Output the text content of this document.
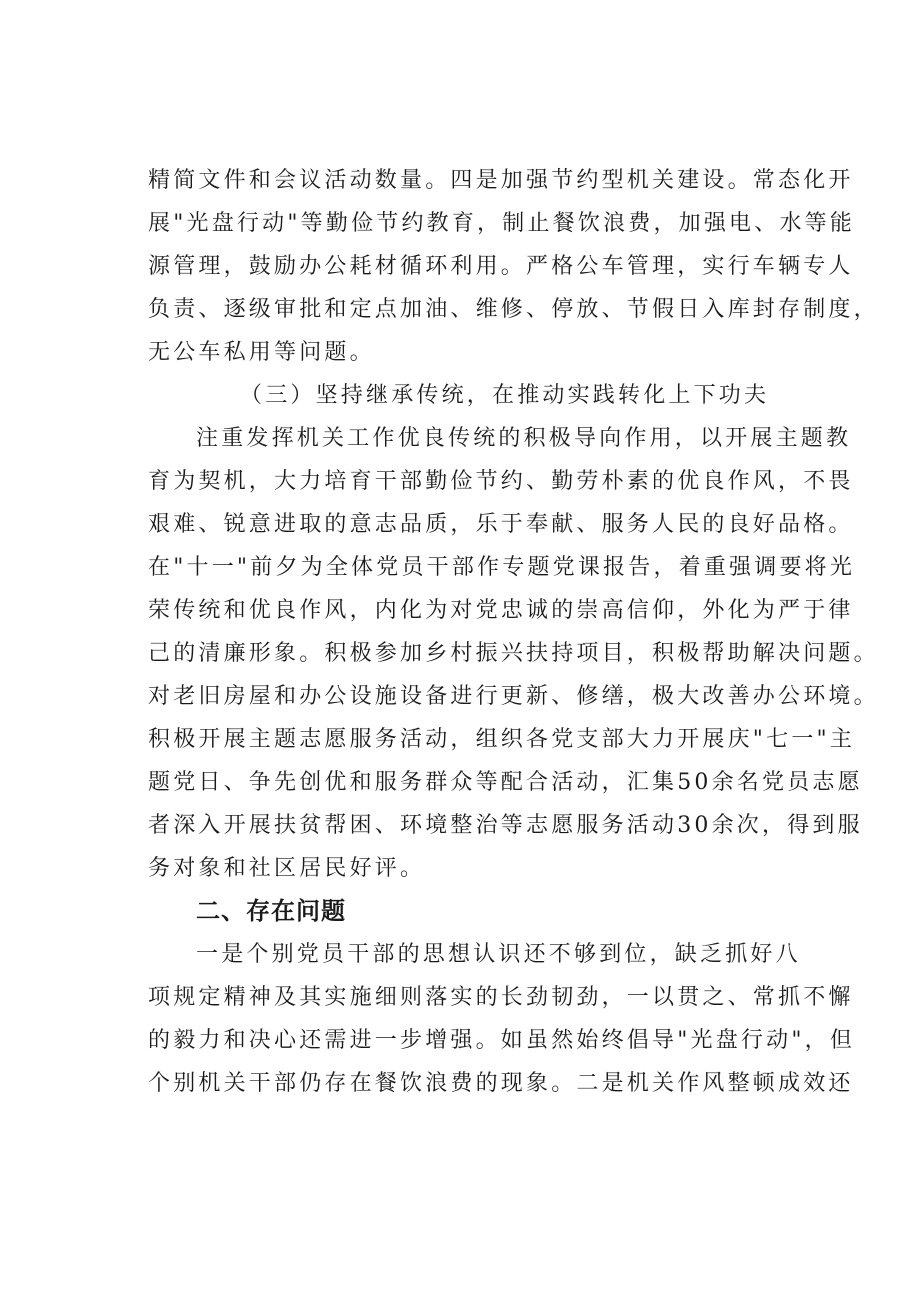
精简文件和会议活动数量。四是加强节约型机关建设。常态化开
展"光盘行动"等勤俭节约教育，制止餐饮浪费，加强电、水等能
源管理，鼓励办公耗材循环利用。严格公车管理，实行车辆专人
负责、逐级审批和定点加油、维修、停放、节假日入库封存制度，
无公车私用等问题。
（三）坚持继承传统，在推动实践转化上下功夫
注重发挥机关工作优良传统的积极导向作用，以开展主题教
育为契机，大力培育干部勤俭节约、勤劳朴素的优良作风，不畏
艰难、锐意进取的意志品质，乐于奉献、服务人民的良好品格。
在"十一"前夕为全体党员干部作专题党课报告，着重强调要将光
荣传统和优良作风，内化为对党忠诚的崇高信仰，外化为严于律
己的清廉形象。积极参加乡村振兴扶持项目，积极帮助解决问题。
对老旧房屋和办公设施设备进行更新、修缮，极大改善办公环境。
积极开展主题志愿服务活动，组织各党支部大力开展庆"七一"主
题党日、争先创优和服务群众等配合活动，汇集50余名党员志愿
者深入开展扶贫帮困、环境整治等志愿服务活动30余次，得到服
务对象和社区居民好评。
二、存在问题
一是个别党员干部的思想认识还不够到位，缺乏抓好八
项规定精神及其实施细则落实的长劲韧劲，一以贯之、常抓不懈
的毅力和决心还需进一步增强。如虽然始终倡导"光盘行动"，但
个别机关干部仍存在餐饮浪费的现象。二是机关作风整顿成效还
